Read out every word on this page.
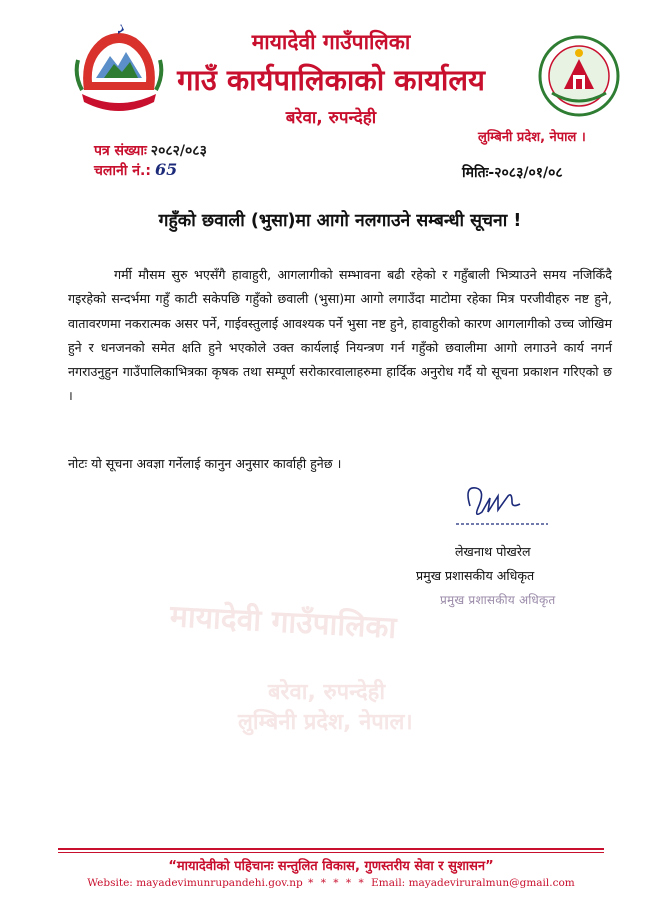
मायादेवी गाउँपालिका
बरेवा, रुपन्देही
लुम्बिनी प्रदेश, नेपाल।
मायादेवी गाउँपालिका
गाउँ कार्यपालिकाको कार्यालय
बरेवा, रुपन्देही
लुम्बिनी प्रदेश, नेपाल ।
पत्र संख्याः २०८२/०८३
चलानी नं.: 65	मितिः-२०८३/०१/०८
गहुँको छवाली (भुसा)मा आगो नलगाउने सम्बन्धी सूचना !

गर्मी मौसम सुरु भएसँगै हावाहुरी, आगलागीको सम्भावना बढी रहेको र गहुँबाली भित्र्याउने समय नजिकिँदै गइरहेको सन्दर्भमा गहुँ काटी सकेपछि गहुँको छवाली (भुसा)मा आगो लगाउँदा माटोमा रहेका मित्र परजीवीहरु नष्ट हुने, वातावरणमा नकरात्मक असर पर्ने, गाईवस्तुलाई आवश्यक पर्ने भुसा नष्ट हुने, हावाहुरीको कारण आगलागीको उच्च जोखिम हुने र धनजनको समेत क्षति हुने भएकोले उक्त कार्यलाई नियन्त्रण गर्न गहुँको छवालीमा आगो लगाउने कार्य नगर्न नगराउनुहुन गाउँपालिकाभित्रका कृषक तथा सम्पूर्ण सरोकारवालाहरुमा हार्दिक अनुरोध गर्दै यो सूचना प्रकाशन गरिएको छ ।

नोटः यो सूचना अवज्ञा गर्नेलाई कानुन अनुसार कार्वाही हुनेछ ।
लेखनाथ पोखरेल
प्रमुख प्रशासकीय अधिकृत
प्रमुख प्रशासकीय अधिकृत
“मायादेवीको पहिचानः सन्तुलित विकास, गुणस्तरीय सेवा र सुशासन”
Website: mayadevimunrupandehi.gov.np * * * * * Email: mayadeviruralmun@gmail.com
